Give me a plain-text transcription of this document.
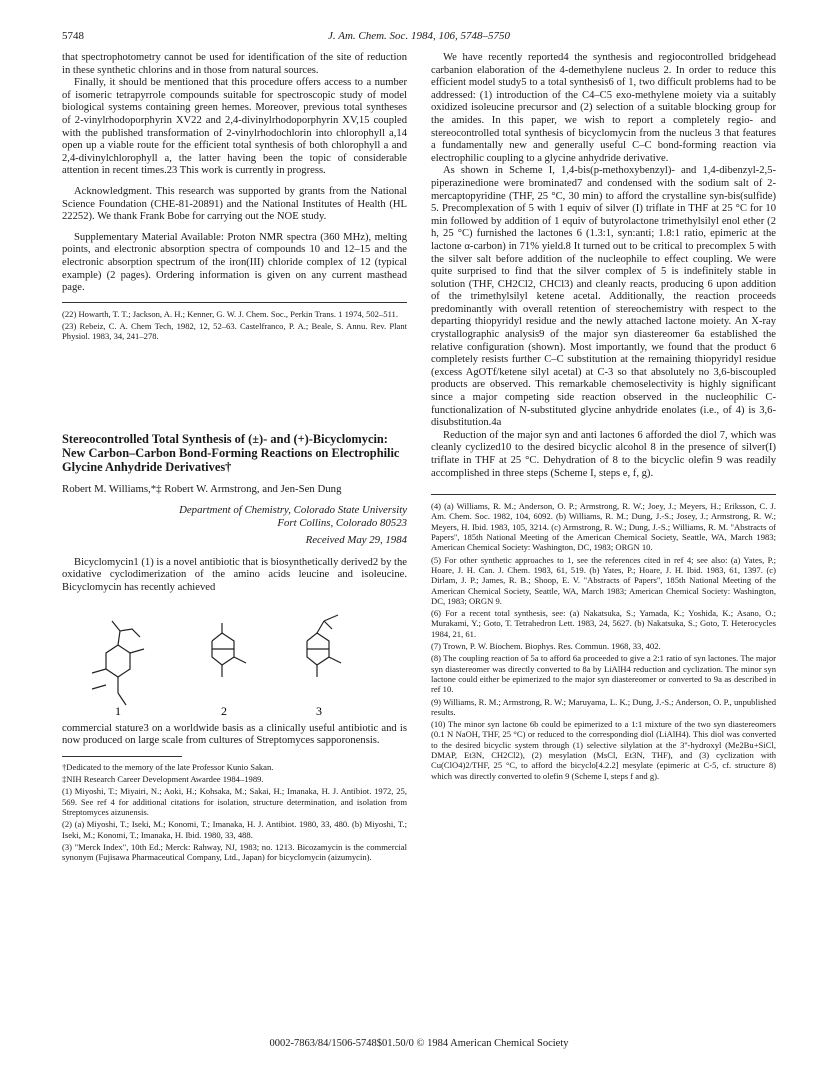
5748	J. Am. Chem. Soc. 1984, 106, 5748–5750

that spectrophotometry cannot be used for identification of the site of reduction in these synthetic chlorins and in those from natural sources.

Finally, it should be mentioned that this procedure offers access to a number of isomeric tetrapyrrole compounds suitable for spectroscopic study of model biological systems containing green hemes. Moreover, previous total syntheses of 2-vinylrhodoporphyrin XV22 and 2,4-divinylrhodoporphyrin XV,15 coupled with the published transformation of 2-vinylrhodochlorin into chlorophyll a,14 open up a viable route for the efficient total synthesis of both chlorophyll a and 2,4-divinylchlorophyll a, the latter having been the topic of considerable attention in recent times.23 This work is currently in progress.

Acknowledgment. This research was supported by grants from the National Science Foundation (CHE-81-20891) and the National Institutes of Health (HL 22252). We thank Frank Bobe for carrying out the NOE study.

Supplementary Material Available: Proton NMR spectra (360 MHz), melting points, and electronic absorption spectra of compounds 10 and 12–15 and the electronic absorption spectrum of the iron(III) chloride complex of 12 (typical example) (2 pages). Ordering information is given on any current masthead page.

(22) Howarth, T. T.; Jackson, A. H.; Kenner, G. W. J. Chem. Soc., Perkin Trans. 1 1974, 502–511.

(23) Rebeiz, C. A. Chem Tech, 1982, 12, 52–63. Castelfranco, P. A.; Beale, S. Annu. Rev. Plant Physiol. 1983, 34, 241–278.

Stereocontrolled Total Synthesis of (±)- and (+)-Bicyclomycin: New Carbon–Carbon Bond-Forming Reactions on Electrophilic Glycine Anhydride Derivatives†
Robert M. Williams,*‡ Robert W. Armstrong, and Jen-Sen Dung
Department of Chemistry, Colorado State University
Fort Collins, Colorado 80523
Received May 29, 1984

Bicyclomycin1 (1) is a novel antibiotic that is biosynthetically derived2 by the oxidative cyclodimerization of the amino acids leucine and isoleucine. Bicyclomycin has recently achieved

1	2	3

commercial stature3 on a worldwide basis as a clinically useful antibiotic and is now produced on large scale from cultures of Streptomyces sapporonensis.

†Dedicated to the memory of the late Professor Kunio Sakan.

‡NIH Research Career Development Awardee 1984–1989.

(1) Miyoshi, T.; Miyairi, N.; Aoki, H.; Kohsaka, M.; Sakai, H.; Imanaka, H. J. Antibiot. 1972, 25, 569. See ref 4 for additional citations for isolation, structure determination, and isolation from Streptomyces aizunensis.

(2) (a) Miyoshi, T.; Iseki, M.; Konomi, T.; Imanaka, H. J. Antibiot. 1980, 33, 480. (b) Miyoshi, T.; Iseki, M.; Konomi, T.; Imanaka, H. Ibid. 1980, 33, 488.

(3) "Merck Index", 10th Ed.; Merck: Rahway, NJ, 1983; no. 1213. Bicozamycin is the commercial synonym (Fujisawa Pharmaceutical Company, Ltd., Japan) for bicyclomycin (aizumycin).

We have recently reported4 the synthesis and regiocontrolled bridgehead carbanion elaboration of the 4-demethylene nucleus 2. In order to reduce this efficient model study5 to a total synthesis6 of 1, two difficult problems had to be addressed: (1) introduction of the C4–C5 exo-methylene moiety via a suitably oxidized isoleucine precursor and (2) selection of a suitable blocking group for the amides. In this paper, we wish to report a completely regio- and stereocontrolled total synthesis of bicyclomycin from the nucleus 3 that features a fundamentally new and generally useful C–C bond-forming reaction via electrophilic coupling to a glycine anhydride derivative.

As shown in Scheme I, 1,4-bis(p-methoxybenzyl)- and 1,4-dibenzyl-2,5-piperazinedione were brominated7 and condensed with the sodium salt of 2-mercaptopyridine (THF, 25 °C, 30 min) to afford the crystalline syn-bis(sulfide) 5. Precomplexation of 5 with 1 equiv of silver (I) triflate in THF at 25 °C for 10 min followed by addition of 1 equiv of butyrolactone trimethylsilyl enol ether (2 h, 25 °C) furnished the lactones 6 (1.3:1, syn:anti; 1.8:1 ratio, epimeric at the lactone α-carbon) in 71% yield.8 It turned out to be critical to precomplex 5 with the silver salt before addition of the nucleophile to effect coupling. We were quite surprised to find that the silver complex of 5 is indefinitely stable in solution (THF, CH2Cl2, CHCl3) and cleanly reacts, producing 6 upon addition of the trimethylsilyl ketene acetal. Additionally, the reaction proceeds predominantly with overall retention of stereochemistry with respect to the departing thiopyridyl residue and the newly attached lactone moiety. An X-ray crystallographic analysis9 of the major syn diastereomer 6a established the relative configuration (shown). Most importantly, we found that the product 6 completely resists further C–C substitution at the remaining thiopyridyl residue (excess AgOTf/ketene silyl acetal) at C-3 so that absolutely no 3,6-biscoupled products are observed. This remarkable chemoselectivity is highly significant since a major competing side reaction observed in the nucleophilic C-functionalization of N-substituted glycine anhydride enolates (i.e., of 4) is 3,6-disubstitution.4a

Reduction of the major syn and anti lactones 6 afforded the diol 7, which was cleanly cyclized10 to the desired bicyclic alcohol 8 in the presence of silver(I) triflate in THF at 25 °C. Dehydration of 8 to the bicyclic olefin 9 was readily accomplished in three steps (Scheme I, steps e, f, g).

(4) (a) Williams, R. M.; Anderson, O. P.; Armstrong, R. W.; Joey, J.; Meyers, H.; Eriksson, C. J. Am. Chem. Soc. 1982, 104, 6092. (b) Williams, R. M.; Dung, J.-S.; Josey, J.; Armstrong, R. W.; Meyers, H. Ibid. 1983, 105, 3214. (c) Armstrong, R. W.; Dung, J.-S.; Williams, R. M. "Abstracts of Papers", 185th National Meeting of the American Chemical Society, Seattle, WA, March 1983; American Chemical Society: Washington, DC, 1983; ORGN 10.

(5) For other synthetic approaches to 1, see the references cited in ref 4; see also: (a) Yates, P.; Hoare, J. H. Can. J. Chem. 1983, 61, 519. (b) Yates, P.; Hoare, J. H. Ibid. 1983, 61, 1397. (c) Dirlam, J. P.; James, R. B.; Shoop, E. V. "Abstracts of Papers", 185th National Meeting of the American Chemical Society, Seattle, WA, March 1983; American Chemical Society: Washington, DC, 1983; ORGN 9.

(6) For a recent total synthesis, see: (a) Nakatsuka, S.; Yamada, K.; Yoshida, K.; Asano, O.; Murakami, Y.; Goto, T. Tetrahedron Lett. 1983, 24, 5627. (b) Nakatsuka, S.; Goto, T. Heterocycles 1984, 21, 61.

(7) Trown, P. W. Biochem. Biophys. Res. Commun. 1968, 33, 402.

(8) The coupling reaction of 5a to afford 6a proceeded to give a 2:1 ratio of syn lactones. The major syn diastereomer was directly converted to 8a by LiAlH4 reduction and cyclization. The minor syn lactone could either be epimerized to the major syn diastereomer or converted to 9a as described in ref 10.

(9) Williams, R. M.; Armstrong, R. W.; Maruyama, L. K.; Dung, J.-S.; Anderson, O. P., unpublished results.

(10) The minor syn lactone 6b could be epimerized to a 1:1 mixture of the two syn diastereomers (0.1 N NaOH, THF, 25 °C) or reduced to the corresponding diol (LiAlH4). This diol was converted to the desired bicyclic system through (1) selective silylation at the 3''-hydroxyl (Me2Bu+SiCl, DMAP, Et3N, CH2Cl2), (2) mesylation (MsCl, Et3N, THF), and (3) cyclization with Cu(ClO4)2/THF, 25 °C, to afford the bicyclo[4.2.2] mesylate (epimeric at C-5, cf. structure 8) which was directly converted to olefin 9 (Scheme I, steps f and g).

0002-7863/84/1506-5748$01.50/0 © 1984 American Chemical Society
